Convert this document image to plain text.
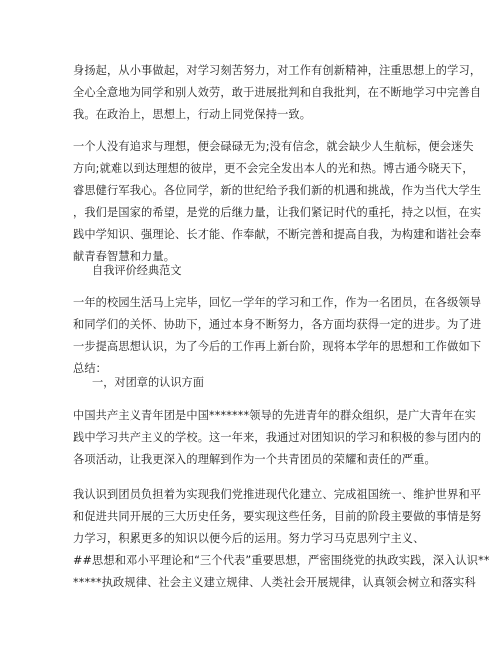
身扬起，从小事做起，对学习刻苦努力，对工作有创新精神，注重思想上的学习，
全心全意地为同学和别人效劳，敢于进展批判和自我批判，在不断地学习中完善自
我。在政治上，思想上，行动上同党保持一致。
一个人没有追求与理想，便会碌碌无为;没有信念，就会缺少人生航标，便会迷失
方向;就难以到达理想的彼岸，更不会完全发出本人的光和热。博古通今晓天下，
睿思健行军我心。各位同学，新的世纪给予我们新的机遇和挑战，作为当代大学生
，我们是国家的希望，是党的后继力量，让我们紧记时代的重托，持之以恒，在实
践中学知识、强理论、长才能、作奉献，不断完善和提高自我，为构建和谐社会奉
献青春智慧和力量。
自我评价经典范文
一年的校园生活马上完毕，回忆一学年的学习和工作，作为一名团员，在各级领导
和同学们的关怀、协助下，通过本身不断努力，各方面均获得一定的进步。为了进
一步提高思想认识，为了今后的工作再上新台阶，现将本学年的思想和工作做如下
总结：
一，对团章的认识方面
中国共产主义青年团是中国*******领导的先进青年的群众组织，是广大青年在实
践中学习共产主义的学校。这一年来，我通过对团知识的学习和积极的参与团内的
各项活动，让我更深入的理解到作为一个共青团员的荣耀和责任的严重。
我认识到团员负担着为实现我们党推进现代化建立、完成祖国统一、维护世界和平
和促进共同开展的三大历史任务，要实现这些任务，目前的阶段主要做的事情是努
力学习，积累更多的知识以便今后的运用。努力学习马克思列宁主义、
##思想和邓小平理论和“三个代表”重要思想，严密围绕党的执政实践，深入认识**
*****执政规律、社会主义建立规律、人类社会开展规律，认真领会树立和落实科
